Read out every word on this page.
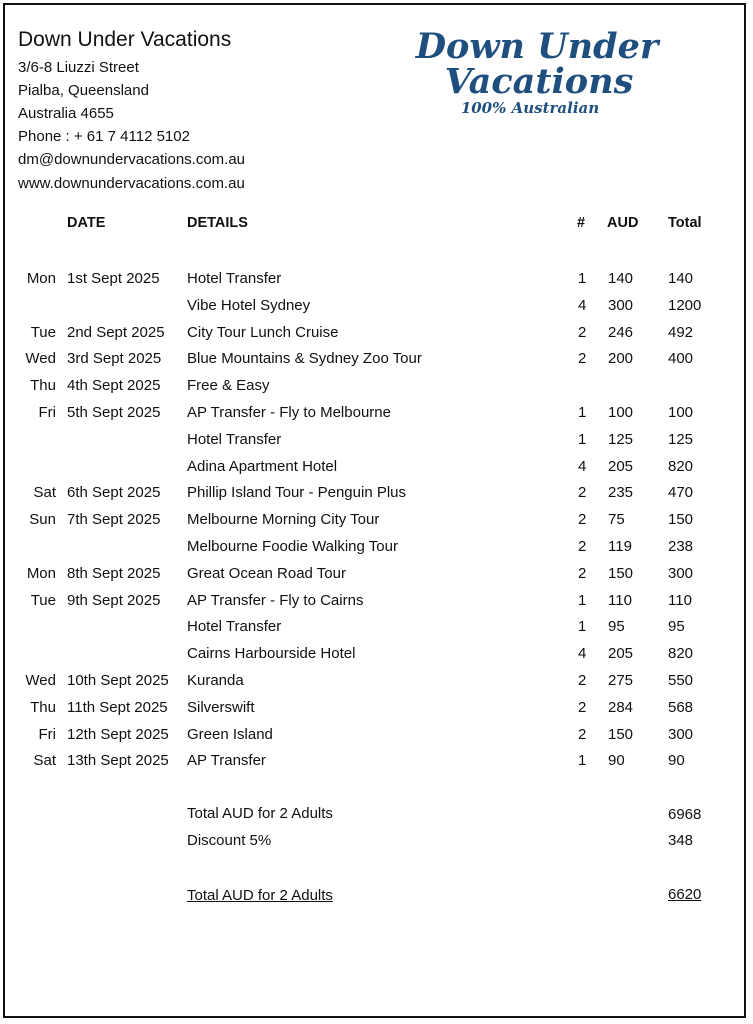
Down Under Vacations
3/6-8 Liuzzi Street
Pialba, Queensland
Australia 4655
Phone : + 61 7 4112 5102
dm@downundervacations.com.au
www.downundervacations.com.au
Down Under
Vacations
100% Australian
DATE	DETAILS	# AUD Total
Mon 1st Sept 2025 Hotel Transfer	1 140 140
Vibe Hotel Sydney	4 300 1200
Tue 2nd Sept 2025 City Tour Lunch Cruise	2 246 492
Wed 3rd Sept 2025 Blue Mountains & Sydney Zoo Tour	2 200 400
Thu 4th Sept 2025 Free & Easy
Fri 5th Sept 2025 AP Transfer - Fly to Melbourne	1 100 100
Hotel Transfer	1 125 125
Adina Apartment Hotel	4 205 820
Sat 6th Sept 2025 Phillip Island Tour - Penguin Plus	2 235 470
Sun 7th Sept 2025 Melbourne Morning City Tour	2 75	150
Melbourne Foodie Walking Tour	2 119 238
Mon 8th Sept 2025 Great Ocean Road Tour	2 150 300
Tue 9th Sept 2025 AP Transfer - Fly to Cairns	1 110 110
Hotel Transfer	1 95	95
Cairns Harbourside Hotel	4 205 820
Wed 10th Sept 2025 Kuranda	2 275 550
Thu 11th Sept 2025 Silverswift	2 284 568
Fri 12th Sept 2025 Green Island	2 150 300
Sat 13th Sept 2025 AP Transfer	1 90	90
Total AUD for 2 Adults	6968
Discount 5%	348
Total AUD for 2 Adults	6620
